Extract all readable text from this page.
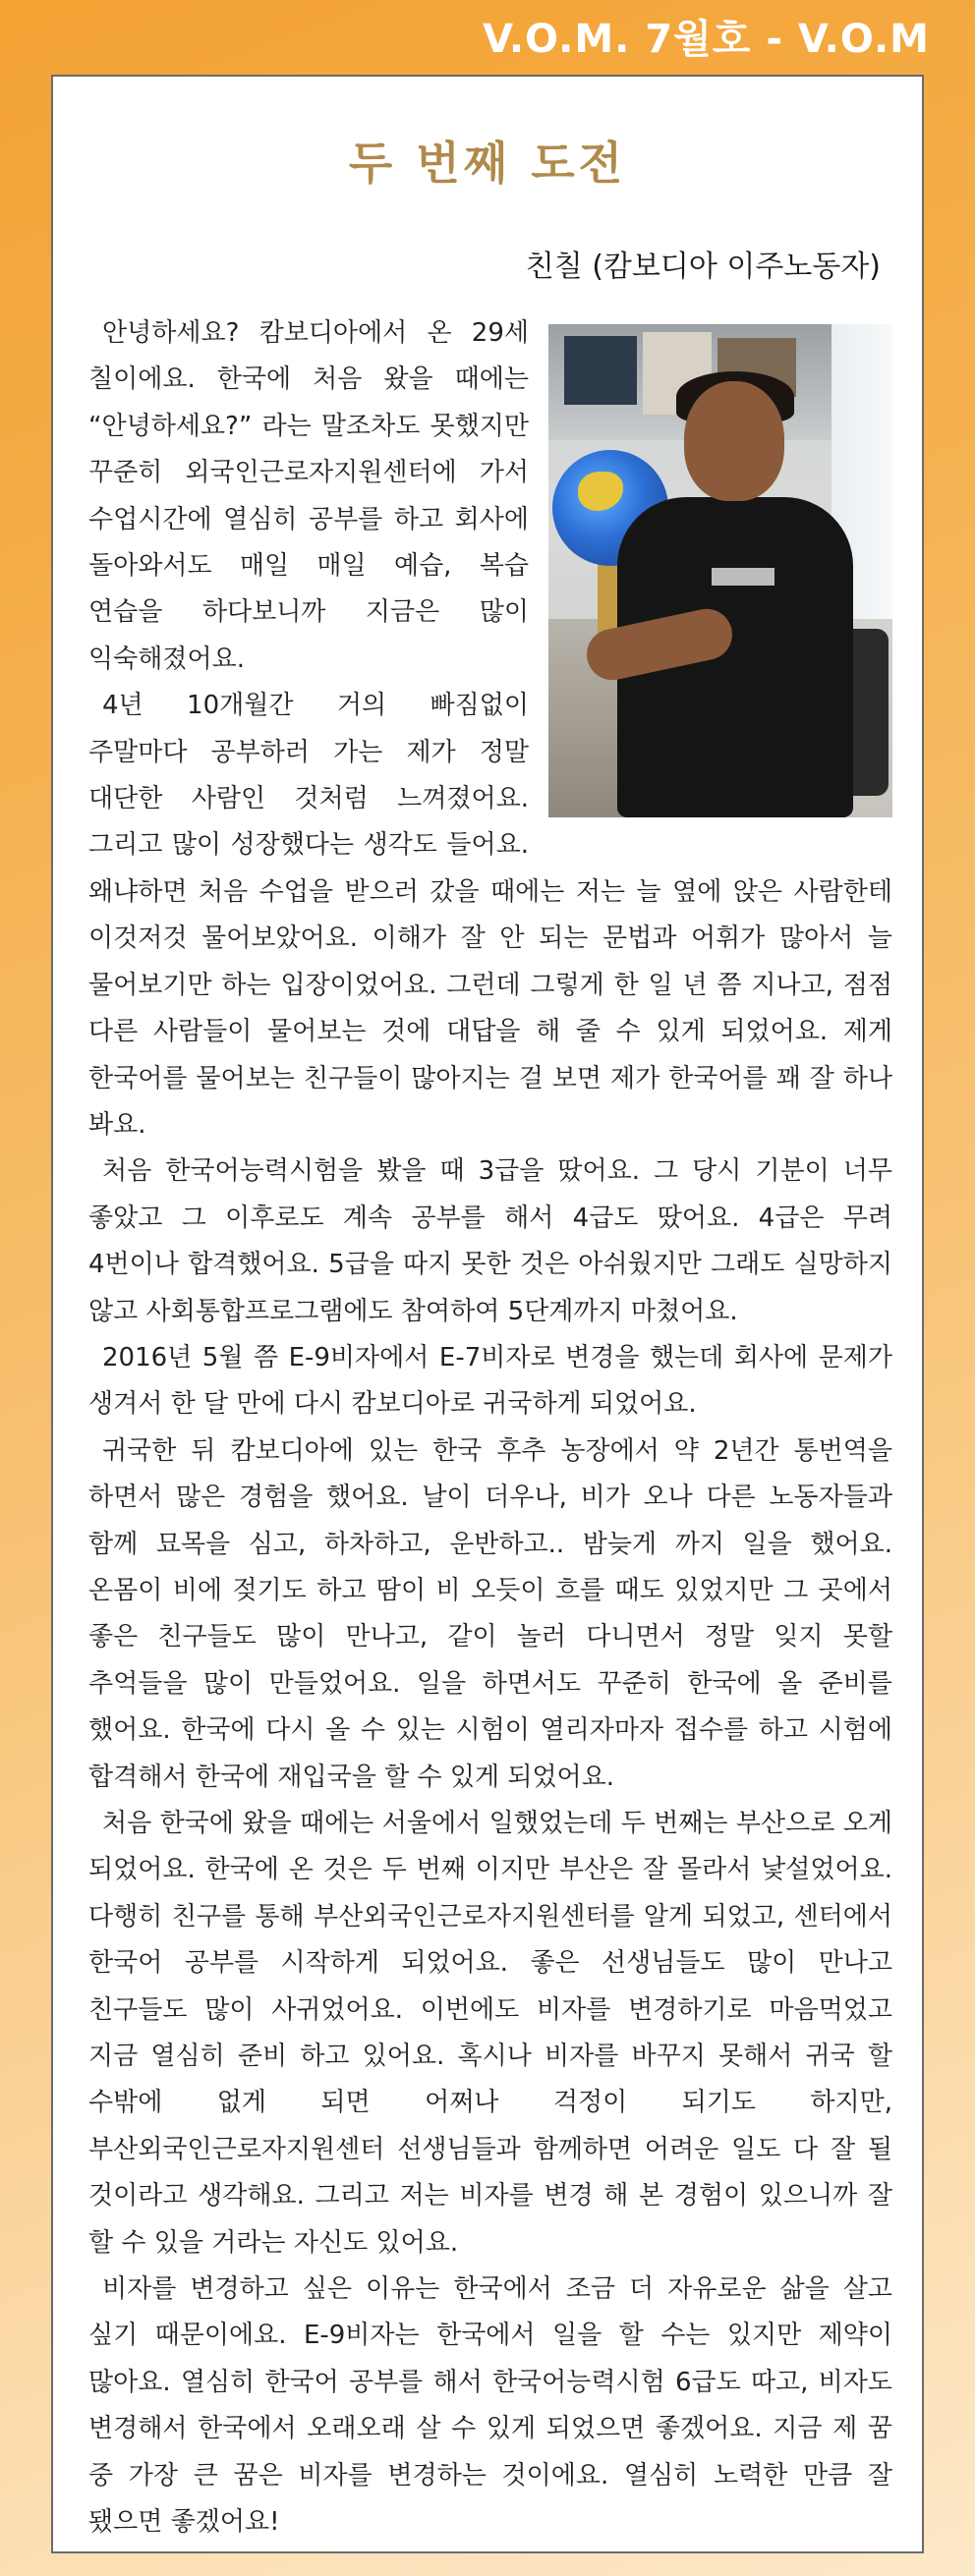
V.O.M. 7월호 - V.O.M
두 번째 도전
친칠 (캄보디아 이주노동자)

안녕하세요? 캄보디아에서 온 29세 칠이에요. 한국에 처음 왔을 때에는 “안녕하세요?” 라는 말조차도 못했지만 꾸준히 외국인근로자지원센터에 가서 수업시간에 열심히 공부를 하고 회사에 돌아와서도 매일 매일 예습, 복습 연습을 하다보니까 지금은 많이 익숙해졌어요.

4년 10개월간 거의 빠짐없이 주말마다 공부하러 가는 제가 정말 대단한 사람인 것처럼 느껴졌어요. 그리고 많이 성장했다는 생각도 들어요. 왜냐하면 처음 수업을 받으러 갔을 때에는 저는 늘 옆에 앉은 사람한테 이것저것 물어보았어요. 이해가 잘 안 되는 문법과 어휘가 많아서 늘 물어보기만 하는 입장이었어요. 그런데 그렇게 한 일 년 쯤 지나고, 점점 다른 사람들이 물어보는 것에 대답을 해 줄 수 있게 되었어요. 제게 한국어를 물어보는 친구들이 많아지는 걸 보면 제가 한국어를 꽤 잘 하나 봐요.

처음 한국어능력시험을 봤을 때 3급을 땄어요. 그 당시 기분이 너무 좋았고 그 이후로도 계속 공부를 해서 4급도 땄어요. 4급은 무려 4번이나 합격했어요. 5급을 따지 못한 것은 아쉬웠지만 그래도 실망하지 않고 사회통합프로그램에도 참여하여 5단계까지 마쳤어요.

2016년 5월 쯤 E-9비자에서 E-7비자로 변경을 했는데 회사에 문제가 생겨서 한 달 만에 다시 캄보디아로 귀국하게 되었어요.

귀국한 뒤 캄보디아에 있는 한국 후추 농장에서 약 2년간 통번역을 하면서 많은 경험을 했어요. 날이 더우나, 비가 오나 다른 노동자들과 함께 묘목을 심고, 하차하고, 운반하고.. 밤늦게 까지 일을 했어요. 온몸이 비에 젖기도 하고 땀이 비 오듯이 흐를 때도 있었지만 그 곳에서 좋은 친구들도 많이 만나고, 같이 놀러 다니면서 정말 잊지 못할 추억들을 많이 만들었어요. 일을 하면서도 꾸준히 한국에 올 준비를 했어요. 한국에 다시 올 수 있는 시험이 열리자마자 접수를 하고 시험에 합격해서 한국에 재입국을 할 수 있게 되었어요.

처음 한국에 왔을 때에는 서울에서 일했었는데 두 번째는 부산으로 오게 되었어요. 한국에 온 것은 두 번째 이지만 부산은 잘 몰라서 낯설었어요. 다행히 친구를 통해 부산외국인근로자지원센터를 알게 되었고, 센터에서 한국어 공부를 시작하게 되었어요. 좋은 선생님들도 많이 만나고 친구들도 많이 사귀었어요. 이번에도 비자를 변경하기로 마음먹었고 지금 열심히 준비 하고 있어요. 혹시나 비자를 바꾸지 못해서 귀국 할 수밖에 없게 되면 어쩌나 걱정이 되기도 하지만, 부산외국인근로자지원센터 선생님들과 함께하면 어려운 일도 다 잘 될 것이라고 생각해요. 그리고 저는 비자를 변경 해 본 경험이 있으니까 잘 할 수 있을 거라는 자신도 있어요.

비자를 변경하고 싶은 이유는 한국에서 조금 더 자유로운 삶을 살고 싶기 때문이에요. E-9비자는 한국에서 일을 할 수는 있지만 제약이 많아요. 열심히 한국어 공부를 해서 한국어능력시험 6급도 따고, 비자도 변경해서 한국에서 오래오래 살 수 있게 되었으면 좋겠어요. 지금 제 꿈 중 가장 큰 꿈은 비자를 변경하는 것이에요. 열심히 노력한 만큼 잘 됐으면 좋겠어요!
